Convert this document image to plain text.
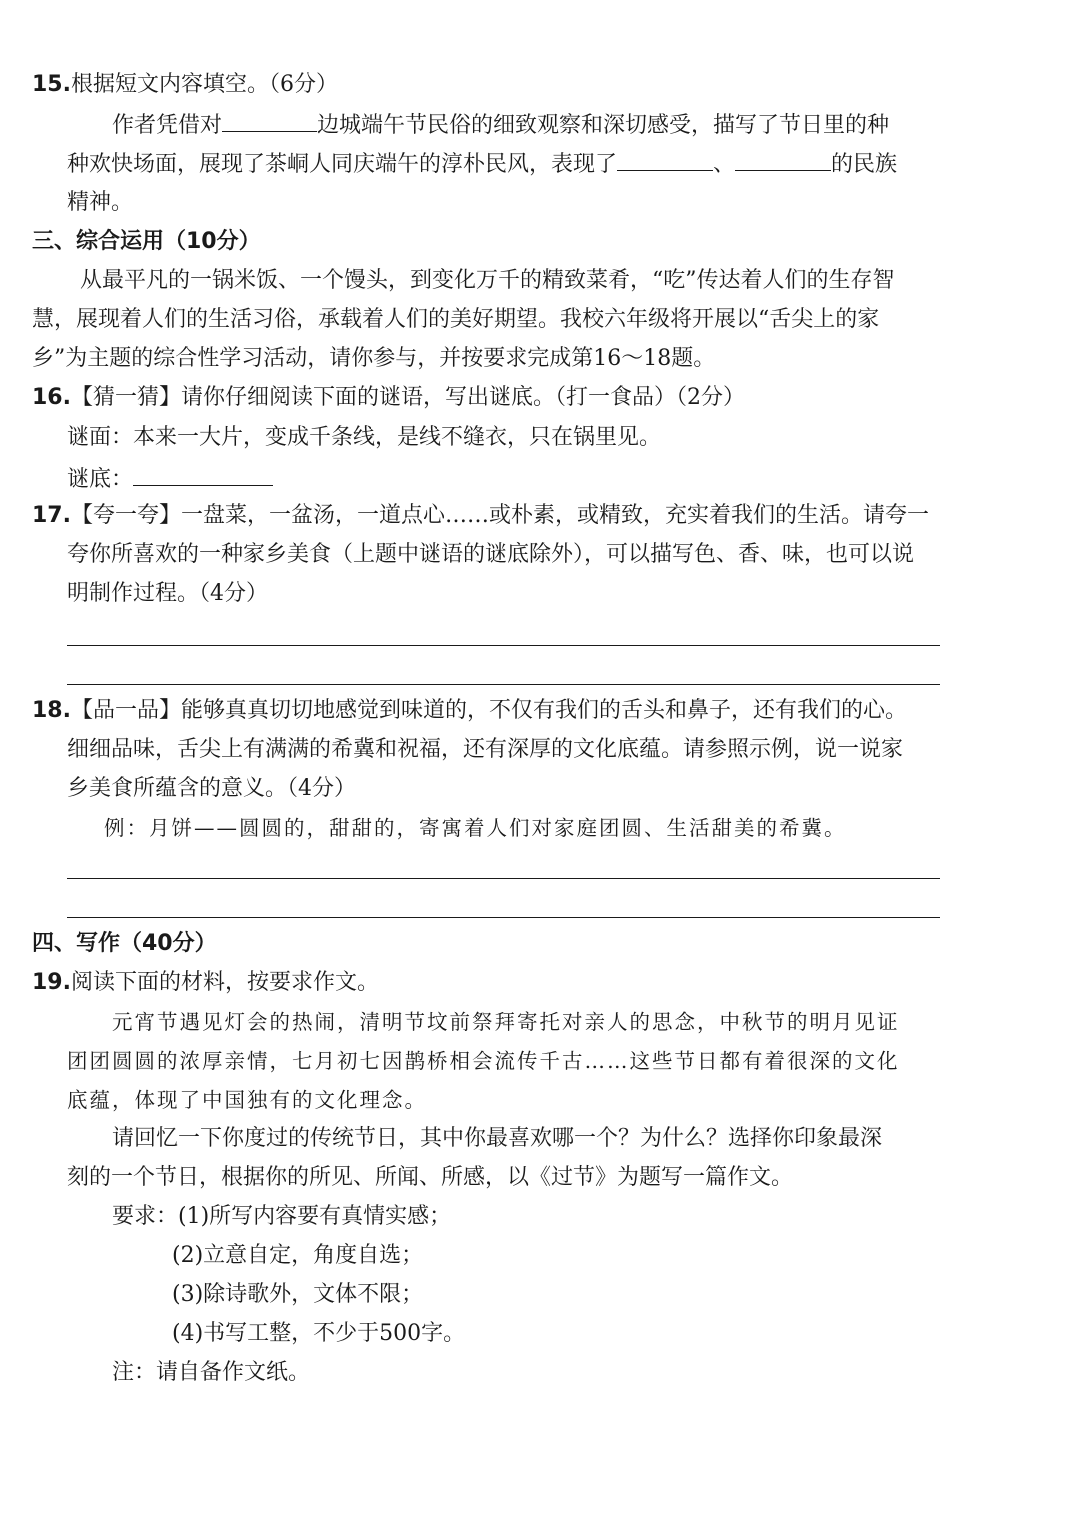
15.根据短文内容填空。（6分）
作者凭借对	边城端午节民俗的细致观察和深切感受，描写了节日里的种
种欢快场面，展现了茶峒人同庆端午的淳朴民风，表现了	、	的民族
精神。
三、综合运用（10分）
从最平凡的一锅米饭、一个馒头，到变化万千的精致菜肴，“吃”传达着人们的生存智
慧，展现着人们的生活习俗，承载着人们的美好期望。我校六年级将开展以“舌尖上的家
乡”为主题的综合性学习活动，请你参与，并按要求完成第16～18题。
16.【猜一猜】请你仔细阅读下面的谜语，写出谜底。（打一食品）（2分）
谜面：本来一大片，变成千条线，是线不缝衣，只在锅里见。
谜底：
17.【夸一夸】一盘菜，一盆汤，一道点心……或朴素，或精致，充实着我们的生活。请夸一
夸你所喜欢的一种家乡美食（上题中谜语的谜底除外），可以描写色、香、味，也可以说
明制作过程。（4分）
18.【品一品】能够真真切切地感觉到味道的，不仅有我们的舌头和鼻子，还有我们的心。
细细品味，舌尖上有满满的希冀和祝福，还有深厚的文化底蕴。请参照示例，说一说家
乡美食所蕴含的意义。（4分）
例：月饼——圆圆的，甜甜的，寄寓着人们对家庭团圆、生活甜美的希冀。
四、写作（40分）
19.阅读下面的材料，按要求作文。
元宵节遇见灯会的热闹，清明节坟前祭拜寄托对亲人的思念，中秋节的明月见证
团团圆圆的浓厚亲情，七月初七因鹊桥相会流传千古……这些节日都有着很深的文化
底蕴，体现了中国独有的文化理念。
请回忆一下你度过的传统节日，其中你最喜欢哪一个？为什么？选择你印象最深
刻的一个节日，根据你的所见、所闻、所感，以《过节》为题写一篇作文。
要求：(1)所写内容要有真情实感；
(2)立意自定，角度自选；
(3)除诗歌外，文体不限；
(4)书写工整，不少于500字。
注：请自备作文纸。
